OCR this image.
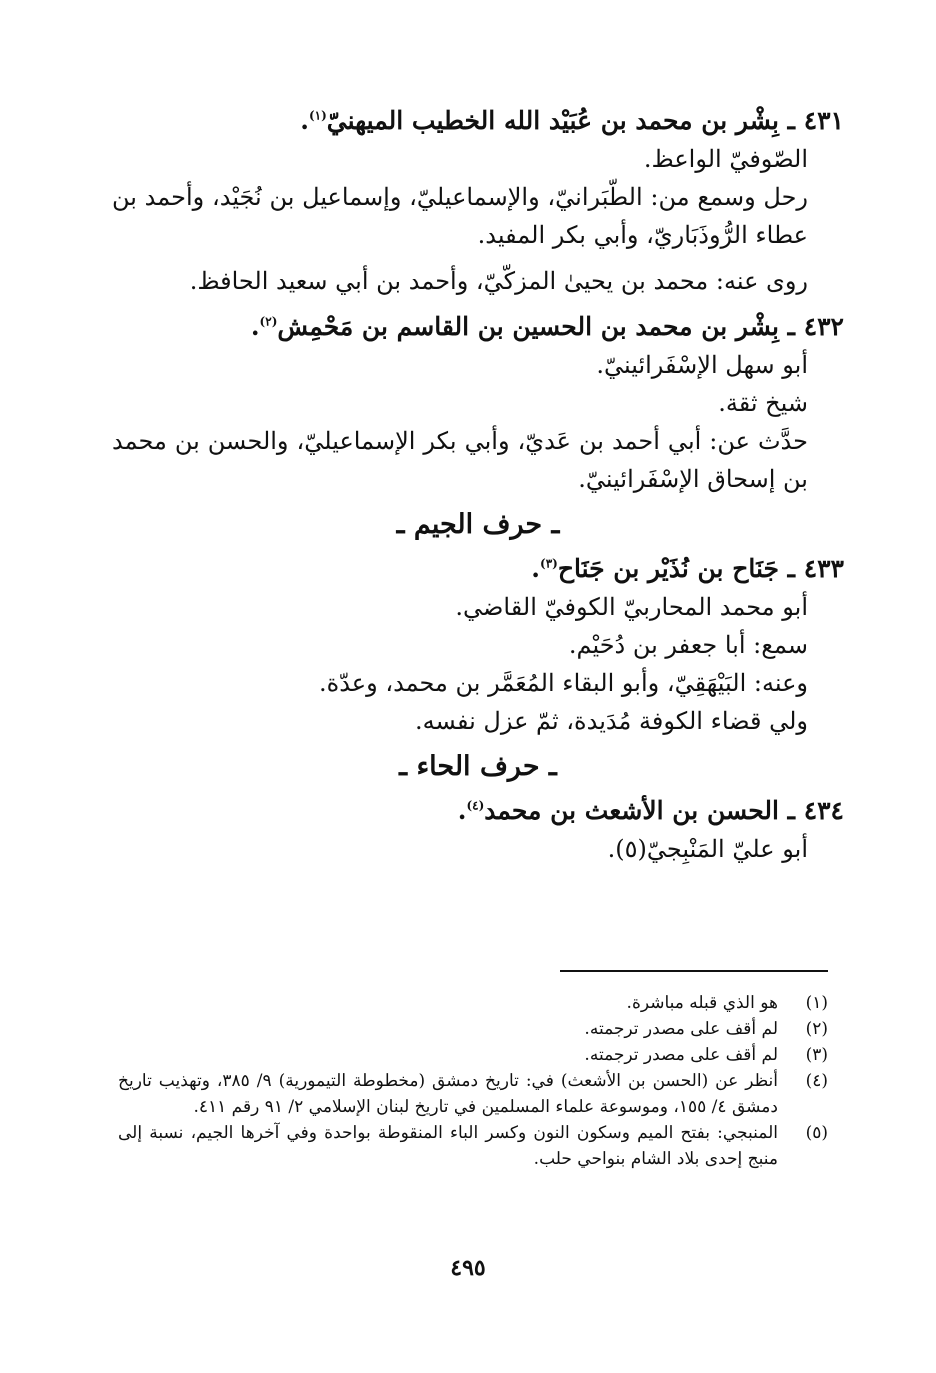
٤٣١ ـ بِشْر بن محمد بن عُبَيْد الله الخطيب الميهنيّ$^{(١)}$.

الصّوفيّ الواعظ.

رحل وسمع من: الطّبَرانيّ، والإسماعيليّ، وإسماعيل بن نُجَيْد، وأحمد بن عطاء الرُّوذَبَاريّ، وأبي بكر المفيد.

روى عنه: محمد بن يحيىٰ المزكّيّ، وأحمد بن أبي سعيد الحافظ.

٤٣٢ ـ بِشْر بن محمد بن الحسين بن القاسم بن مَحْمِش$^{(٢)}$.

أبو سهل الإسْفَرائينيّ.

شيخ ثقة.

حدَّث عن: أبي أحمد بن عَديّ، وأبي بكر الإسماعيليّ، والحسن بن محمد بن إسحاق الإسْفَرائينيّ.

ـ حرف الجيم ـ

٤٣٣ ـ جَنَاح بن نُذَيْر بن جَنَاح$^{(٣)}$.

أبو محمد المحاربيّ الكوفيّ القاضي.

سمع: أبا جعفر بن دُحَيْم.

وعنه: البَيْهَقِيّ، وأبو البقاء المُعَمَّر بن محمد، وعدّة.

ولي قضاء الكوفة مُدَيدة، ثمّ عزل نفسه.

ـ حرف الحاء ـ

٤٣٤ ـ الحسن بن الأشعث بن محمد$^{(٤)}$.

أبو عليّ المَنْبِجيّ(٥).

(١)
هو الذي قبله مباشرة.
(٢)
لم أقف على مصدر ترجمته.
(٣)
لم أقف على مصدر ترجمته.
(٤)
أنظر عن (الحسن بن الأشعث) في: تاريخ دمشق (مخطوطة التيمورية) ٩/ ٣٨٥، وتهذيب تاريخ دمشق ٤/ ١٥٥، وموسوعة علماء المسلمين في تاريخ لبنان الإسلامي ٢/ ٩١ رقم ٤١١.
(٥)
المنبجي: بفتح الميم وسكون النون وكسر الباء المنقوطة بواحدة وفي آخرها الجيم، نسبة إلى منبج إحدى بلاد الشام بنواحي حلب.
٤٩٥
